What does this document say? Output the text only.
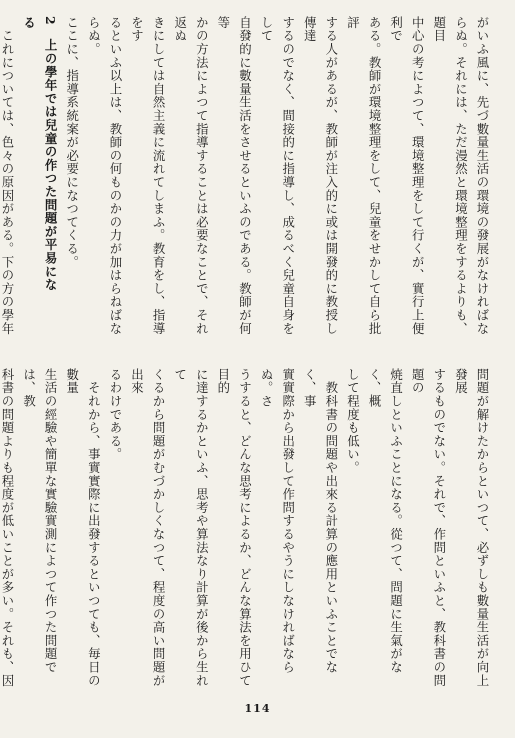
がいふ風に、先づ數量生活の環境の發展がなければな
らぬ。それには、ただ漫然と環境整理をするよりも、題目
中心の考によつて、環境整理をして行くが、實行上便利で
ある。教師が環境整理をして、兒童をせかして自ら批評
する人があるが、教師が注入的に或は開發的に教授し傳達
するのでなく、間接的に指導し、成るべく兒童自身をして
自發的に數量生活をさせるといふのである。教師が何等
かの方法によつて指導することは必要なことで、それ返ぬ
きにしては自然主義に流れてしまふ。教育をし、指導をす
るといふ以上は、教師の何ものかの力が加はらねばならぬ。
ここに、指導系統案が必要になつてくる。
2　上の學年では兒童の作つた問題が平易にな
る
　これについては、色々の原因がある。下の方の學年

問題が解けたからといつて、必ずしも數量生活が向上發展
するものでない。それで、作問といふと、教科書の問題の
焼直しといふことになる。從つて、問題に生氣がなく、概
して程度も低い。
　教科書の問題や出來る計算の應用といふことでなく、事
實實際から出發して作問するやうにしなければならぬ。さ
うすると、どんな思考によるか、どんな算法を用ひて目的
に達するかといふ、思考や算法なり計算が後から生れて
くるから問題がむづかしくなつて、程度の高い問題が出來
るわけである。
　それから、事實實際に出發するといつても、毎日の數量
生活の經驗や簡單な實驗實測によつて作つた問題では、教
科書の問題よりも程度が低いことが多い。それも、因

114
